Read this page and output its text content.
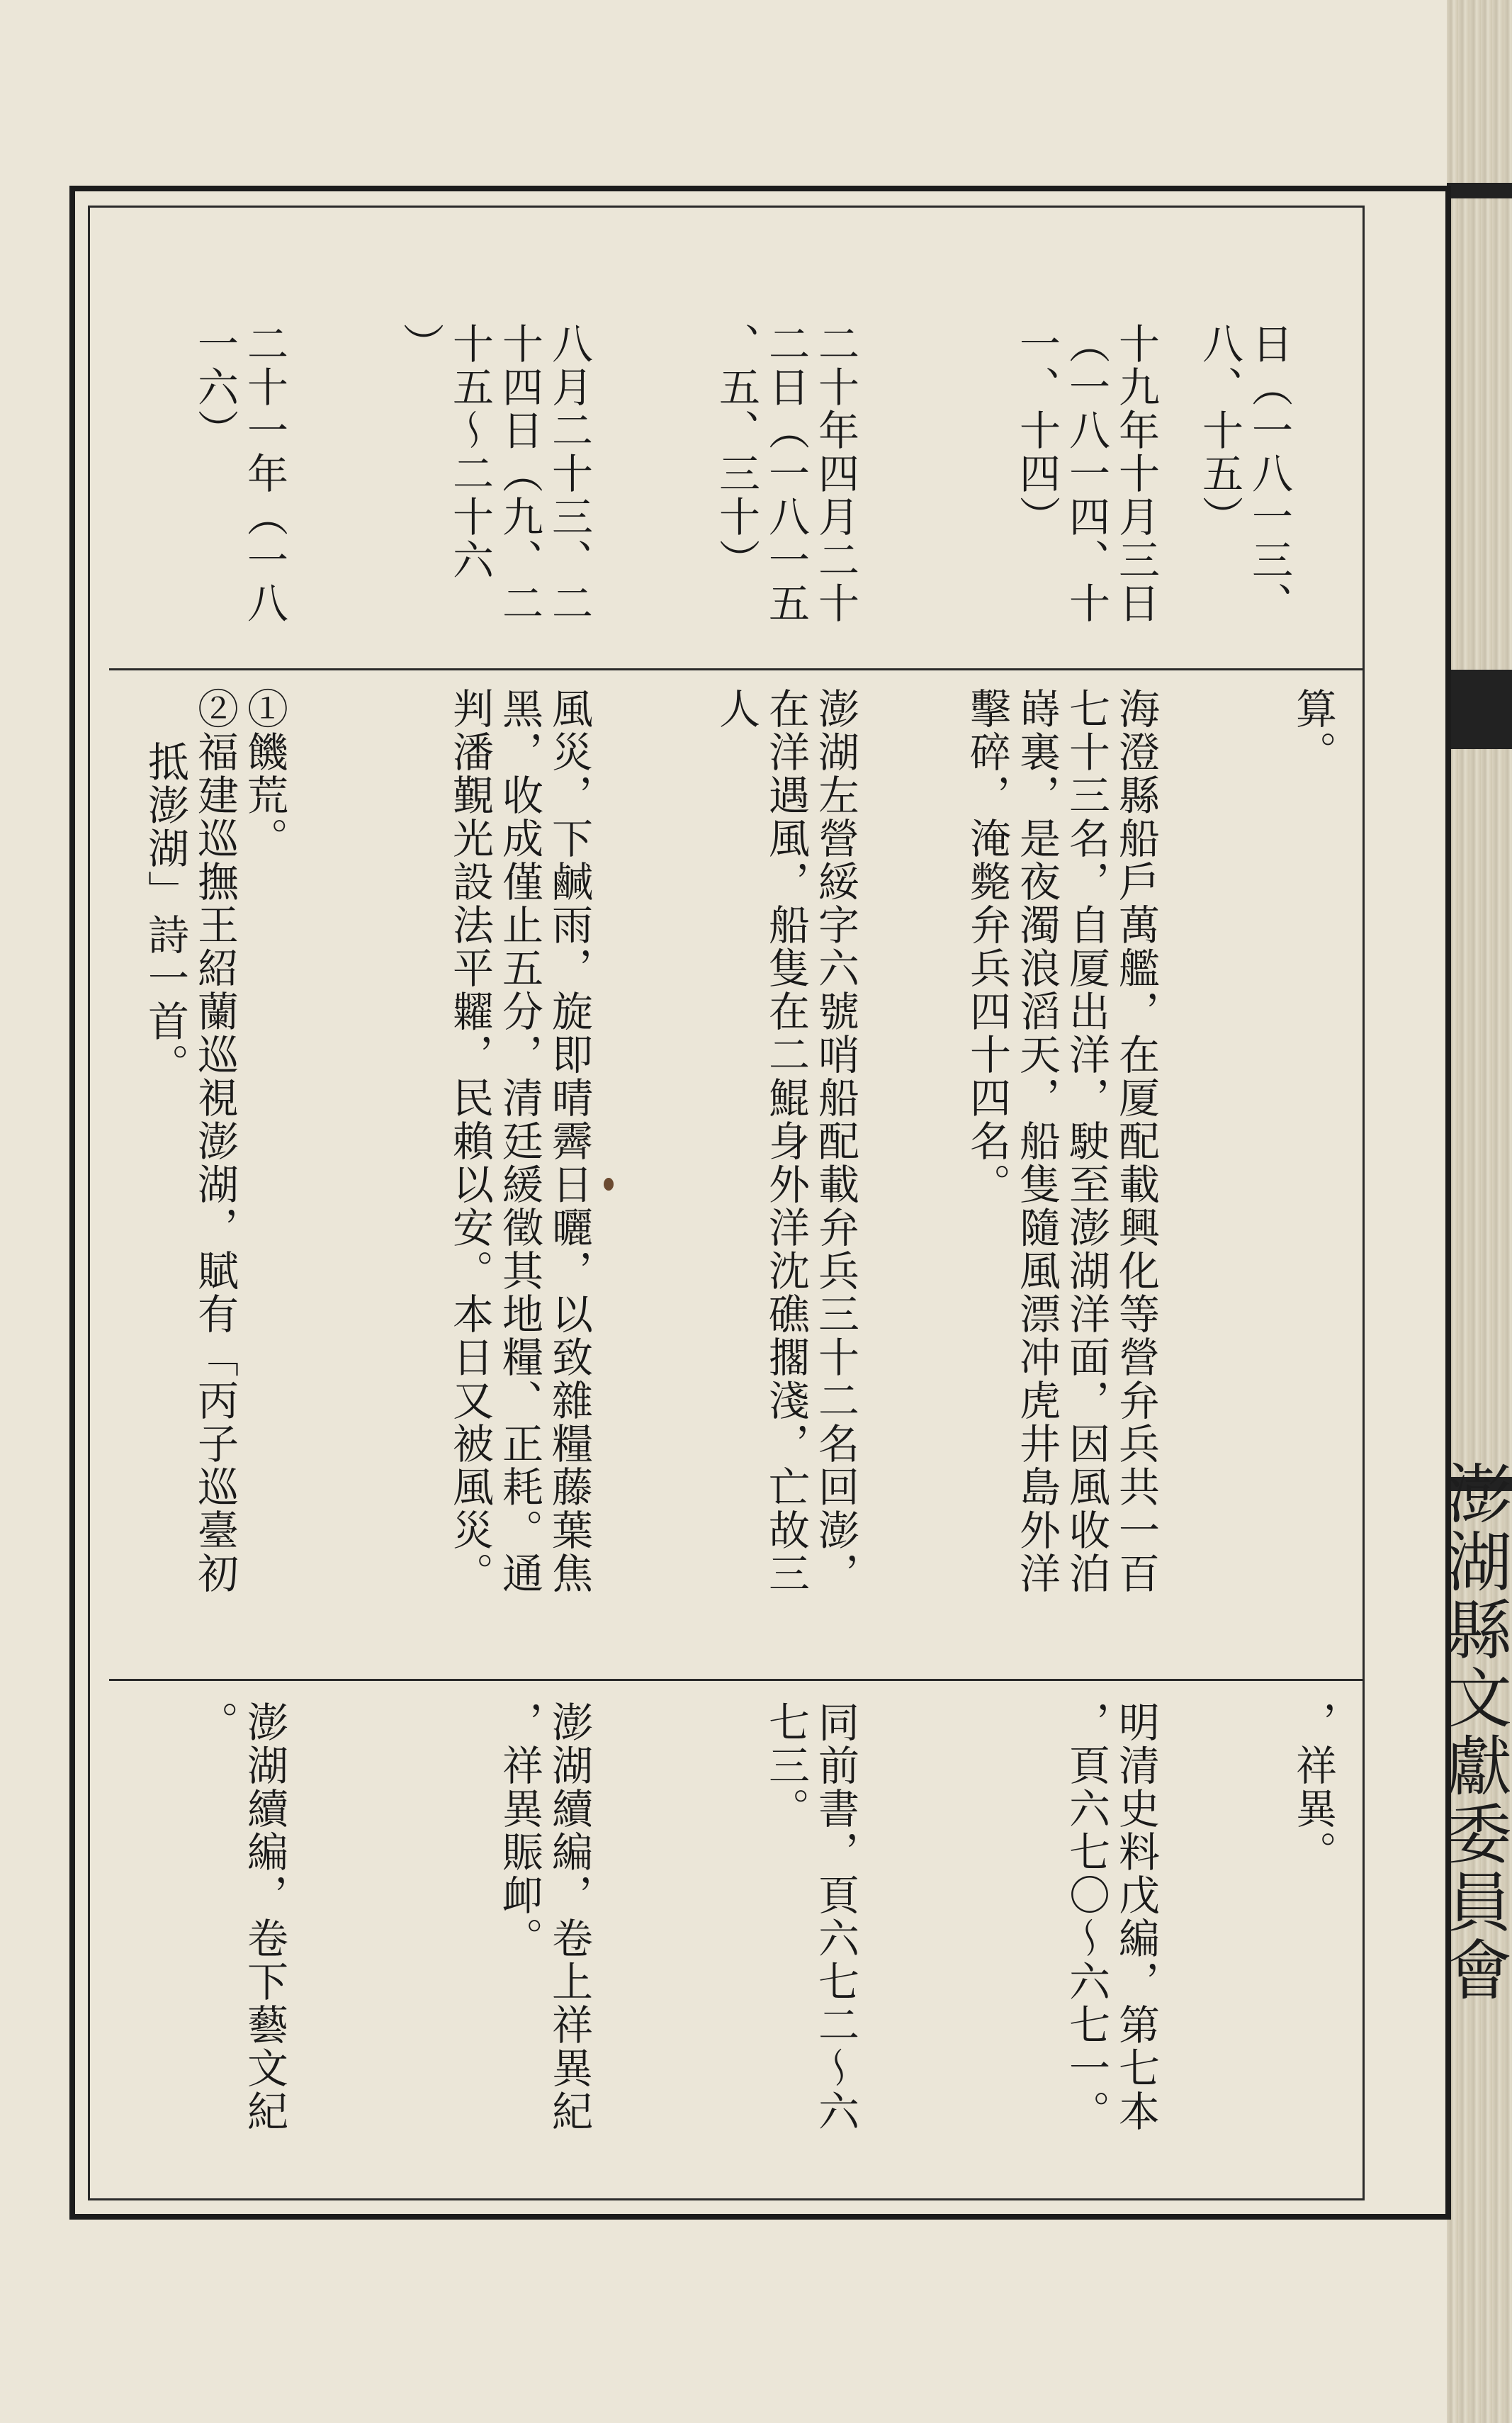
澎湖縣文獻委員會
日（一八一三、
八、十五）
算。
，祥異。
十九年十月三日
（一八一四、十
一、十四）
海澄縣船戶萬艦，在厦配載興化等營弁兵共一百
七十三名，自厦出洋，駛至澎湖洋面，因風收泊
嵵裏，是夜濁浪滔天，船隻隨風漂冲虎井島外洋
擊碎，淹斃弁兵四十四名。
明清史料戊編，第七本
，頁六七〇～六七一。
二十年四月二十
二日（一八一五
、五、三十）
澎湖左營綏字六號哨船配載弁兵三十二名回澎，
在洋遇風，船隻在二鯤身外洋沈礁擱淺，亡故三
人
同前書，頁六七二～六
七三。
八月二十三、二
十四日（九、二
十五～二十六
）
風災，下鹹雨，旋即晴霽日曬，以致雜糧藤葉焦
黑，收成僅止五分，清廷緩徵其地糧、正耗。通
判潘覲光設法平糶，民賴以安。本日又被風災。
澎湖續編，卷上祥異紀
，祥異賑卹。
二十一年（一八
一六）
①饑荒。
②福建巡撫王紹蘭巡視澎湖，賦有「丙子巡臺初
抵澎湖」詩一首。
澎湖續編，卷下藝文紀
。
